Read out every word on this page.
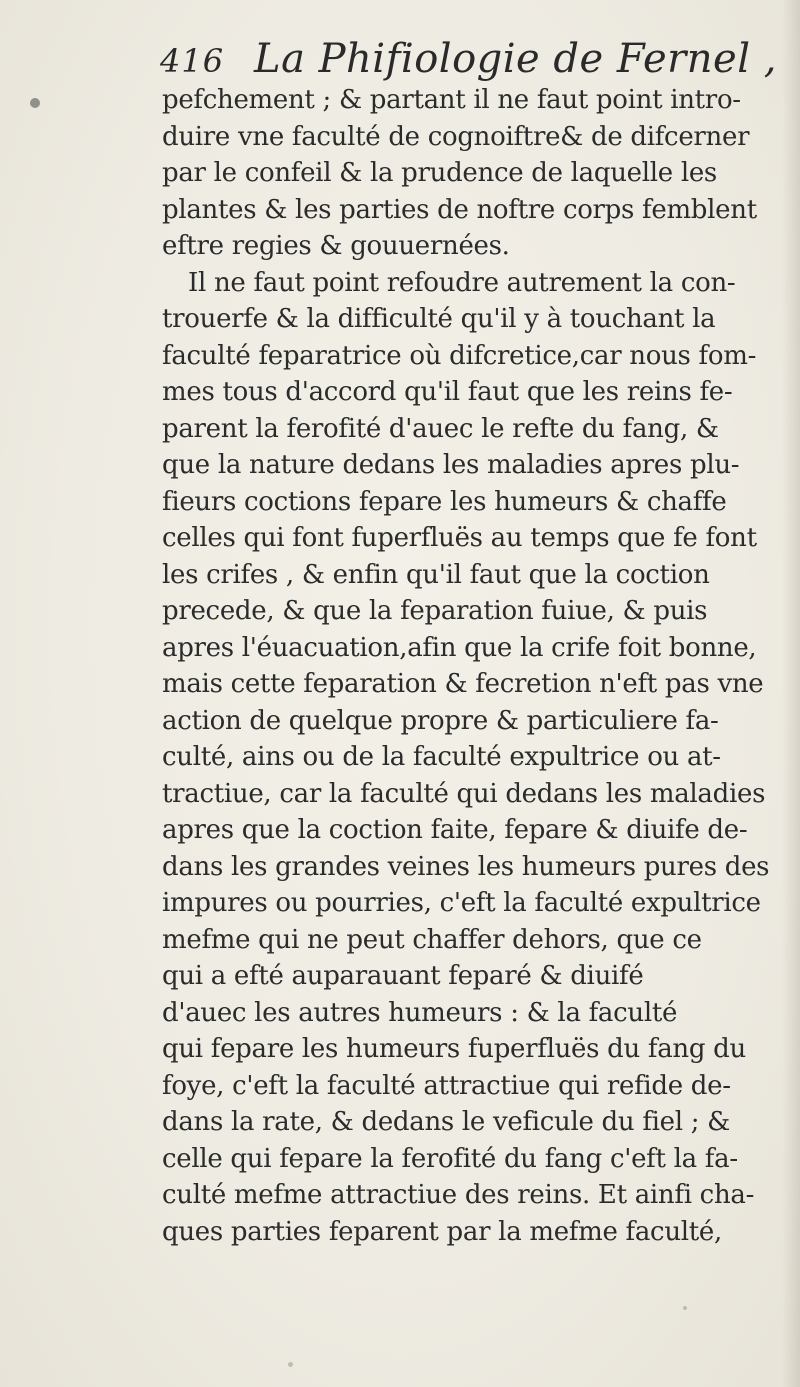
416 La Phifiologie de Fernel ,
pefchement ; & partant il ne faut point intro-
duire vne faculté de cognoiftre& de difcerner
par le confeil & la prudence de laquelle les
plantes & les parties de noftre corps femblent
eftre regies & gouuernées.
Il ne faut point refoudre autrement la con-
trouerfe & la difficulté qu'il y à touchant la
faculté feparatrice où difcretice,car nous fom-
mes tous d'accord qu'il faut que les reins fe-
parent la ferofité d'auec le refte du fang, &
que la nature dedans les maladies apres plu-
fieurs coctions fepare les humeurs & chaffe
celles qui font fuperfluës au temps que fe font
les crifes , & enfin qu'il faut que la coction
precede, & que la feparation fuiue, & puis
apres l'éuacuation,afin que la crife foit bonne,
mais cette feparation & fecretion n'eft pas vne
action de quelque propre & particuliere fa-
culté, ains ou de la faculté expultrice ou at-
tractiue, car la faculté qui dedans les maladies
apres que la coction faite, fepare & diuife de-
dans les grandes veines les humeurs pures des
impures ou pourries, c'eft la faculté expultrice
mefme qui ne peut chaffer dehors, que ce
qui a efté auparauant feparé & diuifé
d'auec les autres humeurs : & la faculté
qui fepare les humeurs fuperfluës du fang du
foye, c'eft la faculté attractiue qui refide de-
dans la rate, & dedans le veficule du fiel ; &
celle qui fepare la ferofité du fang c'eft la fa-
culté mefme attractiue des reins. Et ainfi cha-
ques parties feparent par la mefme faculté,
